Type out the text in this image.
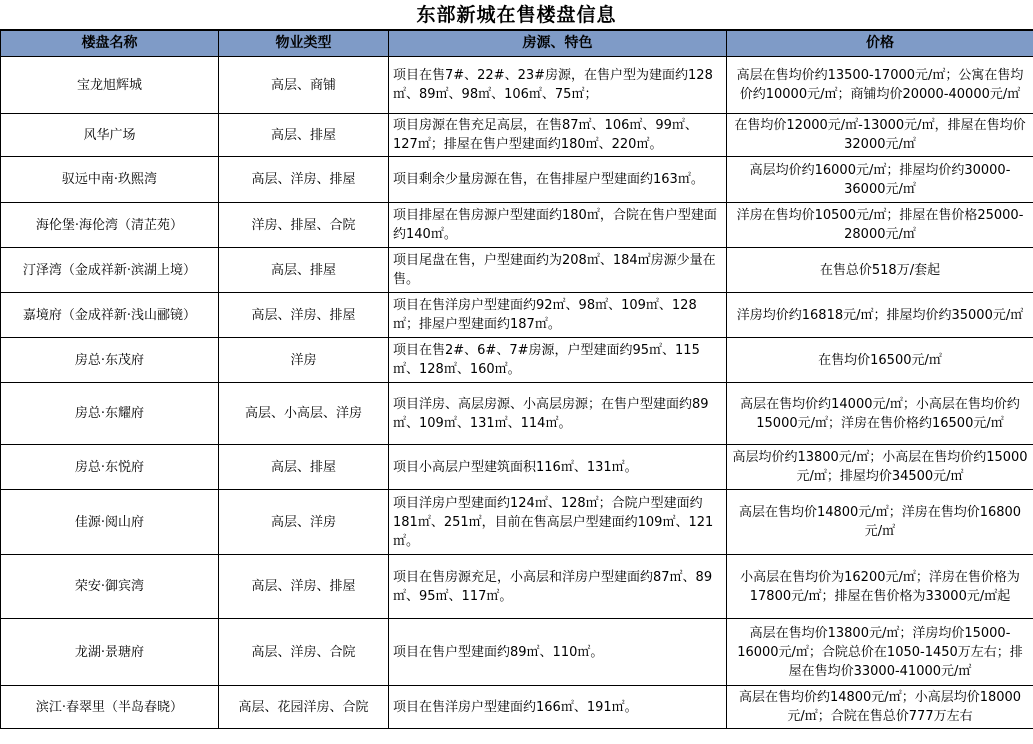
东部新城在售楼盘信息
楼盘名称	物业类型	房源、特色	价格
宝龙旭辉城	高层、商铺	项目在售7#、22#、23#房源，在售户型为建面约128㎡、89㎡、98㎡、106㎡、75㎡；	高层在售均价约13500-17000元/㎡；公寓在售均价约10000元/㎡；商铺均价20000-40000元/㎡
风华广场	高层、排屋	项目房源在售充足高层，在售87㎡、106㎡、99㎡、127㎡；排屋在售户型建面约180㎡、220㎡。	在售均价12000元/㎡-13000元/㎡，排屋在售均价32000元/㎡
驭远中南·玖熙湾	高层、洋房、排屋	项目剩余少量房源在售，在售排屋户型建面约163㎡。	高层均价约16000元/㎡；排屋均价约30000-36000元/㎡
海伦堡·海伦湾（清芷苑）	洋房、排屋、合院	项目排屋在售房源户型建面约180㎡，合院在售户型建面约140㎡。	洋房在售均价10500元/㎡；排屋在售价格25000-28000元/㎡
汀泽湾（金成祥新·滨湖上境）	高层、排屋	项目尾盘在售，户型建面约为208㎡、184㎡房源少量在售。	在售总价518万/套起
嘉境府（金成祥新·浅山郦镜）	高层、洋房、排屋	项目在售洋房户型建面约92㎡、98㎡、109㎡、128㎡；排屋户型建面约187㎡。	洋房均价约16818元/㎡；排屋均价约35000元/㎡
房总·东茂府	洋房	项目在售2#、6#、7#房源，户型建面约95㎡、115㎡、128㎡、160㎡。	在售均价16500元/㎡
房总·东耀府	高层、小高层、洋房	项目洋房、高层房源、小高层房源；在售户型建面约89㎡、109㎡、131㎡、114㎡。	高层在售均价约14000元/㎡；小高层在售均价约15000元/㎡；洋房在售价格约16500元/㎡
房总·东悦府	高层、排屋	项目小高层户型建筑面积116㎡、131㎡。	高层均价约13800元/㎡；小高层在售均价约15000元/㎡；排屋均价34500元/㎡
佳源·阅山府	高层、洋房	项目洋房户型建面约124㎡、128㎡；合院户型建面约181㎡、251㎡，目前在售高层户型建面约109㎡、121㎡。	高层在售均价14800元/㎡；洋房在售均价16800元/㎡
荣安·御宾湾	高层、洋房、排屋	项目在售房源充足，小高层和洋房户型建面约87㎡、89㎡、95㎡、117㎡。	小高层在售均价为16200元/㎡；洋房在售价格为17800元/㎡；排屋在售价格为33000元/㎡起
龙湖·景瑭府	高层、洋房、合院	项目在售户型建面约89㎡、110㎡。	高层在售均价13800元/㎡；洋房均价15000-16000元/㎡；合院总价在1050-1450万左右；排屋在售均价33000-41000元/㎡
滨江·春翠里（半岛春晓）	高层、花园洋房、合院	项目在售洋房户型建面约166㎡、191㎡。	高层在售均价约14800元/㎡；小高层均价18000元/㎡；合院在售总价777万左右
